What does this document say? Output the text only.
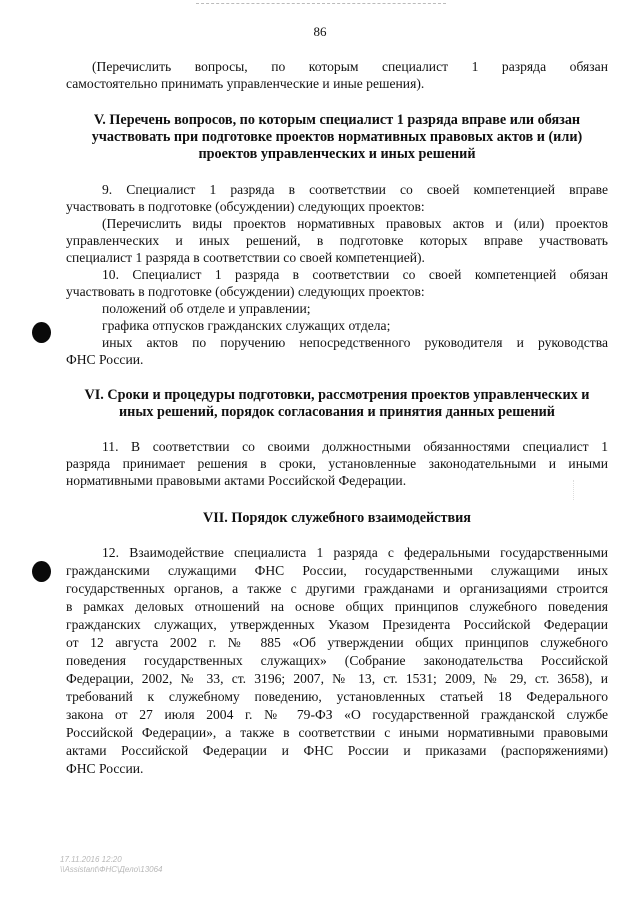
86
(Перечислить вопросы, по которым специалист 1 разряда обязан
самостоятельно принимать управленческие и иные решения).
V. Перечень вопросов, по которым специалист 1 разряда вправе или обязан
участвовать при подготовке проектов нормативных правовых актов и (или)
проектов управленческих и иных решений
9. Специалист 1 разряда в соответствии со своей компетенцией вправе
участвовать в подготовке (обсуждении) следующих проектов:
(Перечислить виды проектов нормативных правовых актов и (или) проектов
управленческих и иных решений, в подготовке которых вправе участвовать
специалист 1 разряда в соответствии со своей компетенцией).
10. Специалист 1 разряда в соответствии со своей компетенцией обязан
участвовать в подготовке (обсуждении) следующих проектов:
положений об отделе и управлении;
графика отпусков гражданских служащих отдела;
иных актов по поручению непосредственного руководителя и руководства
ФНС России.
VI. Сроки и процедуры подготовки, рассмотрения проектов управленческих и
иных решений, порядок согласования и принятия данных решений
11. В соответствии со своими должностными обязанностями специалист 1
разряда принимает решения в сроки, установленные законодательными и иными
нормативными правовыми актами Российской Федерации.
VII. Порядок служебного взаимодействия
12. Взаимодействие специалиста 1 разряда с федеральными государственными
гражданскими служащими ФНС России, государственными служащими иных
государственных органов, а также с другими гражданами и организациями строится
в рамках деловых отношений на основе общих принципов служебного поведения
гражданских служащих, утвержденных Указом Президента Российской Федерации
от 12 августа 2002 г. № 885 «Об утверждении общих принципов служебного
поведения государственных служащих» (Собрание законодательства Российской
Федерации, 2002, № 33, ст. 3196; 2007, № 13, ст. 1531; 2009, № 29, ст. 3658), и
требований к служебному поведению, установленных статьей 18 Федерального
закона от 27 июля 2004 г. № 79-ФЗ «О государственной гражданской службе
Российской Федерации», а также в соответствии с иными нормативными правовыми
актами Российской Федерации и ФНС России и приказами (распоряжениями)
ФНС России.
17.11.2016 12:20
\\Assistant\ФНС\Дело\13064
